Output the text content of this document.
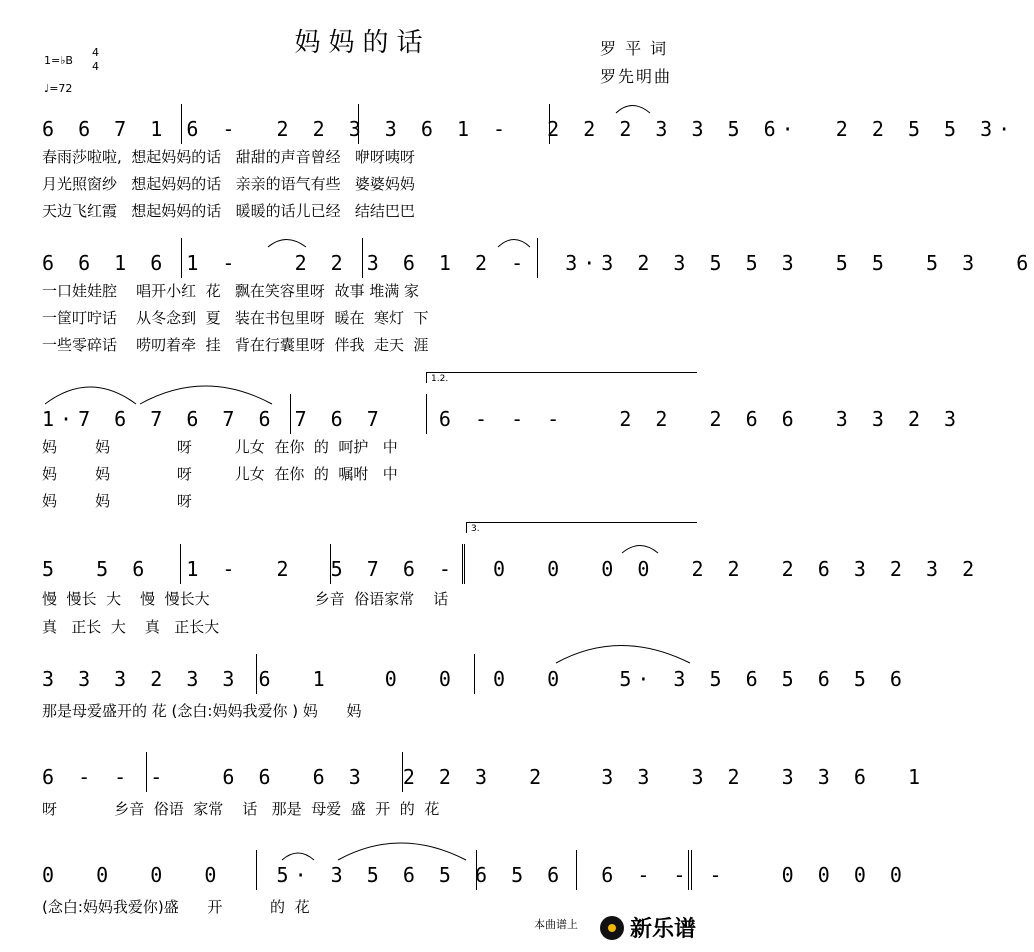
妈妈的话	罗 平 词
罗先明曲
1=♭B
4
4
♩=72
6 6 7 1 6 -  2 2 3 3 6 1 -  2 2 2 3 3 5 6·  2 2 5 5 3·
春雨莎啦啦,  想起妈妈的话   甜甜的声音曾经   咿呀咦呀
月光照窗纱   想起妈妈的话   亲亲的语气有些   婆婆妈妈
天边飞红霞   想起妈妈的话   暖暖的话儿已经   结结巴巴
6 6 1 6 1 -   2 2 3 6 1 2 -  3·3 2 3 5 5 3  5 5  5 3  6
一口娃娃腔    唱开小红  花   飘在笑容里呀  故事 堆满 家
一筐叮咛话    从冬念到  夏   装在书包里呀  暖在  寒灯  下
一些零碎话    唠叨着牵  挂   背在行囊里呀  伴我  走天  涯
1.2.
1·7 6 7 6 7 6 7 6 7   6 - - -   2 2  2 6 6  3 3 2 3
妈        妈              呀         儿女  在你  的  呵护   中
妈        妈              呀         儿女  在你  的  嘱咐   中
妈        妈              呀
3.
5  5 6  1 -  2  5 7 6 -  0  0  0 0  2 2  2 6 3 2 3 2
慢  慢长  大    慢  慢长大                      乡音  俗语家常    话
真   正长  大    真   正长大
3 3 3 2 3 3 6  1   0  0  0  0   5· 3 5 6 5 6 5 6
那是母爱盛开的 花 (念白:妈妈我爱你 ) 妈      妈
6 - - -   6 6  6 3  2 2 3  2   3 3  3 2  3 3 6  1
呀            乡音  俗语  家常    话   那是  母爱  盛  开  的  花
0  0  0  0   5· 3 5 6 5 6 5 6  6 - - -   0 0 0 0
(念白:妈妈我爱你)盛      开          的  花
本曲谱上 新乐谱
